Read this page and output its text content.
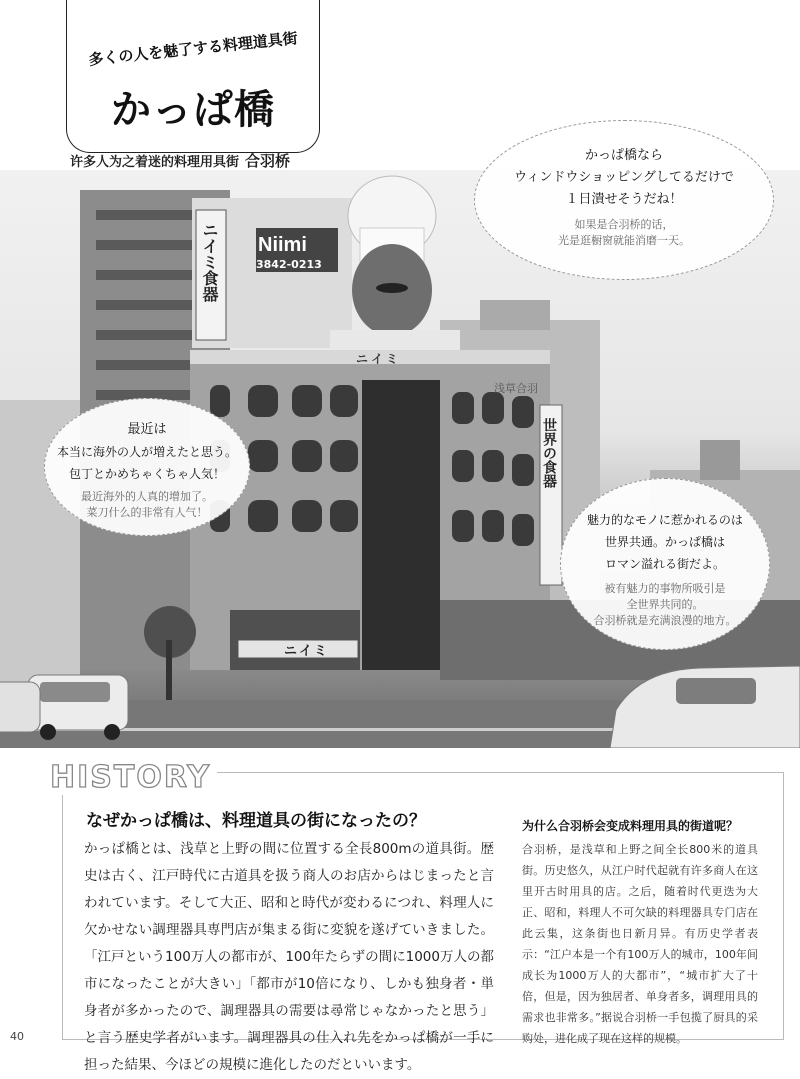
Niimi
3842-0213
ニイミ食器
ニイミ
ニイミ
世界の食器
浅草合羽
多くの人を魅了する料理道具街
かっぱ橋
许多人为之着迷的料理用具街 合羽桥	かっぱ橋なら
ウィンドウショッピングしてるだけで
１日潰せそうだね！
如果是合羽桥的话，
光是逛橱窗就能消磨一天。
最近は
本当に海外の人が増えたと思う。
包丁とかめちゃくちゃ人気！
最近海外的人真的增加了。
菜刀什么的非常有人气！
魅力的なモノに惹かれるのは
世界共通。かっぱ橋は
ロマン溢れる街だよ。
被有魅力的事物所吸引是
全世界共同的。
合羽桥就是充满浪漫的地方。
HISTORY
なぜかっぱ橋は、料理道具の街になったの？
かっぱ橋とは、浅草と上野の間に位置する全長800mの道具街。歴史は古く、江戸時代に古道具を扱う商人のお店からはじまったと言われています。そして大正、昭和と時代が変わるにつれ、料理人に欠かせない調理器具専門店が集まる街に変貌を遂げていきました。「江戸という100万人の都市が、100年たらずの間に1000万人の都市になったことが大きい」「都市が10倍になり、しかも独身者・単身者が多かったので、調理器具の需要は尋常じゃなかったと思う」と言う歴史学者がいます。調理器具の仕入れ先をかっぱ橋が一手に担った結果、今ほどの規模に進化したのだといいます。
为什么合羽桥会变成料理用具的街道呢？
合羽桥，是浅草和上野之间全长800米的道具街。历史悠久，从江户时代起就有许多商人在这里开古时用具的店。之后，随着时代更迭为大正、昭和，料理人不可欠缺的料理器具专门店在此云集，这条街也日新月异。有历史学者表示：“江户本是一个有100万人的城市，100年间成长为1000万人的大都市”，“城市扩大了十倍，但是，因为独居者、单身者多，调理用具的需求也非常多。”据说合羽桥一手包揽了厨具的采购处，进化成了现在这样的规模。
40
